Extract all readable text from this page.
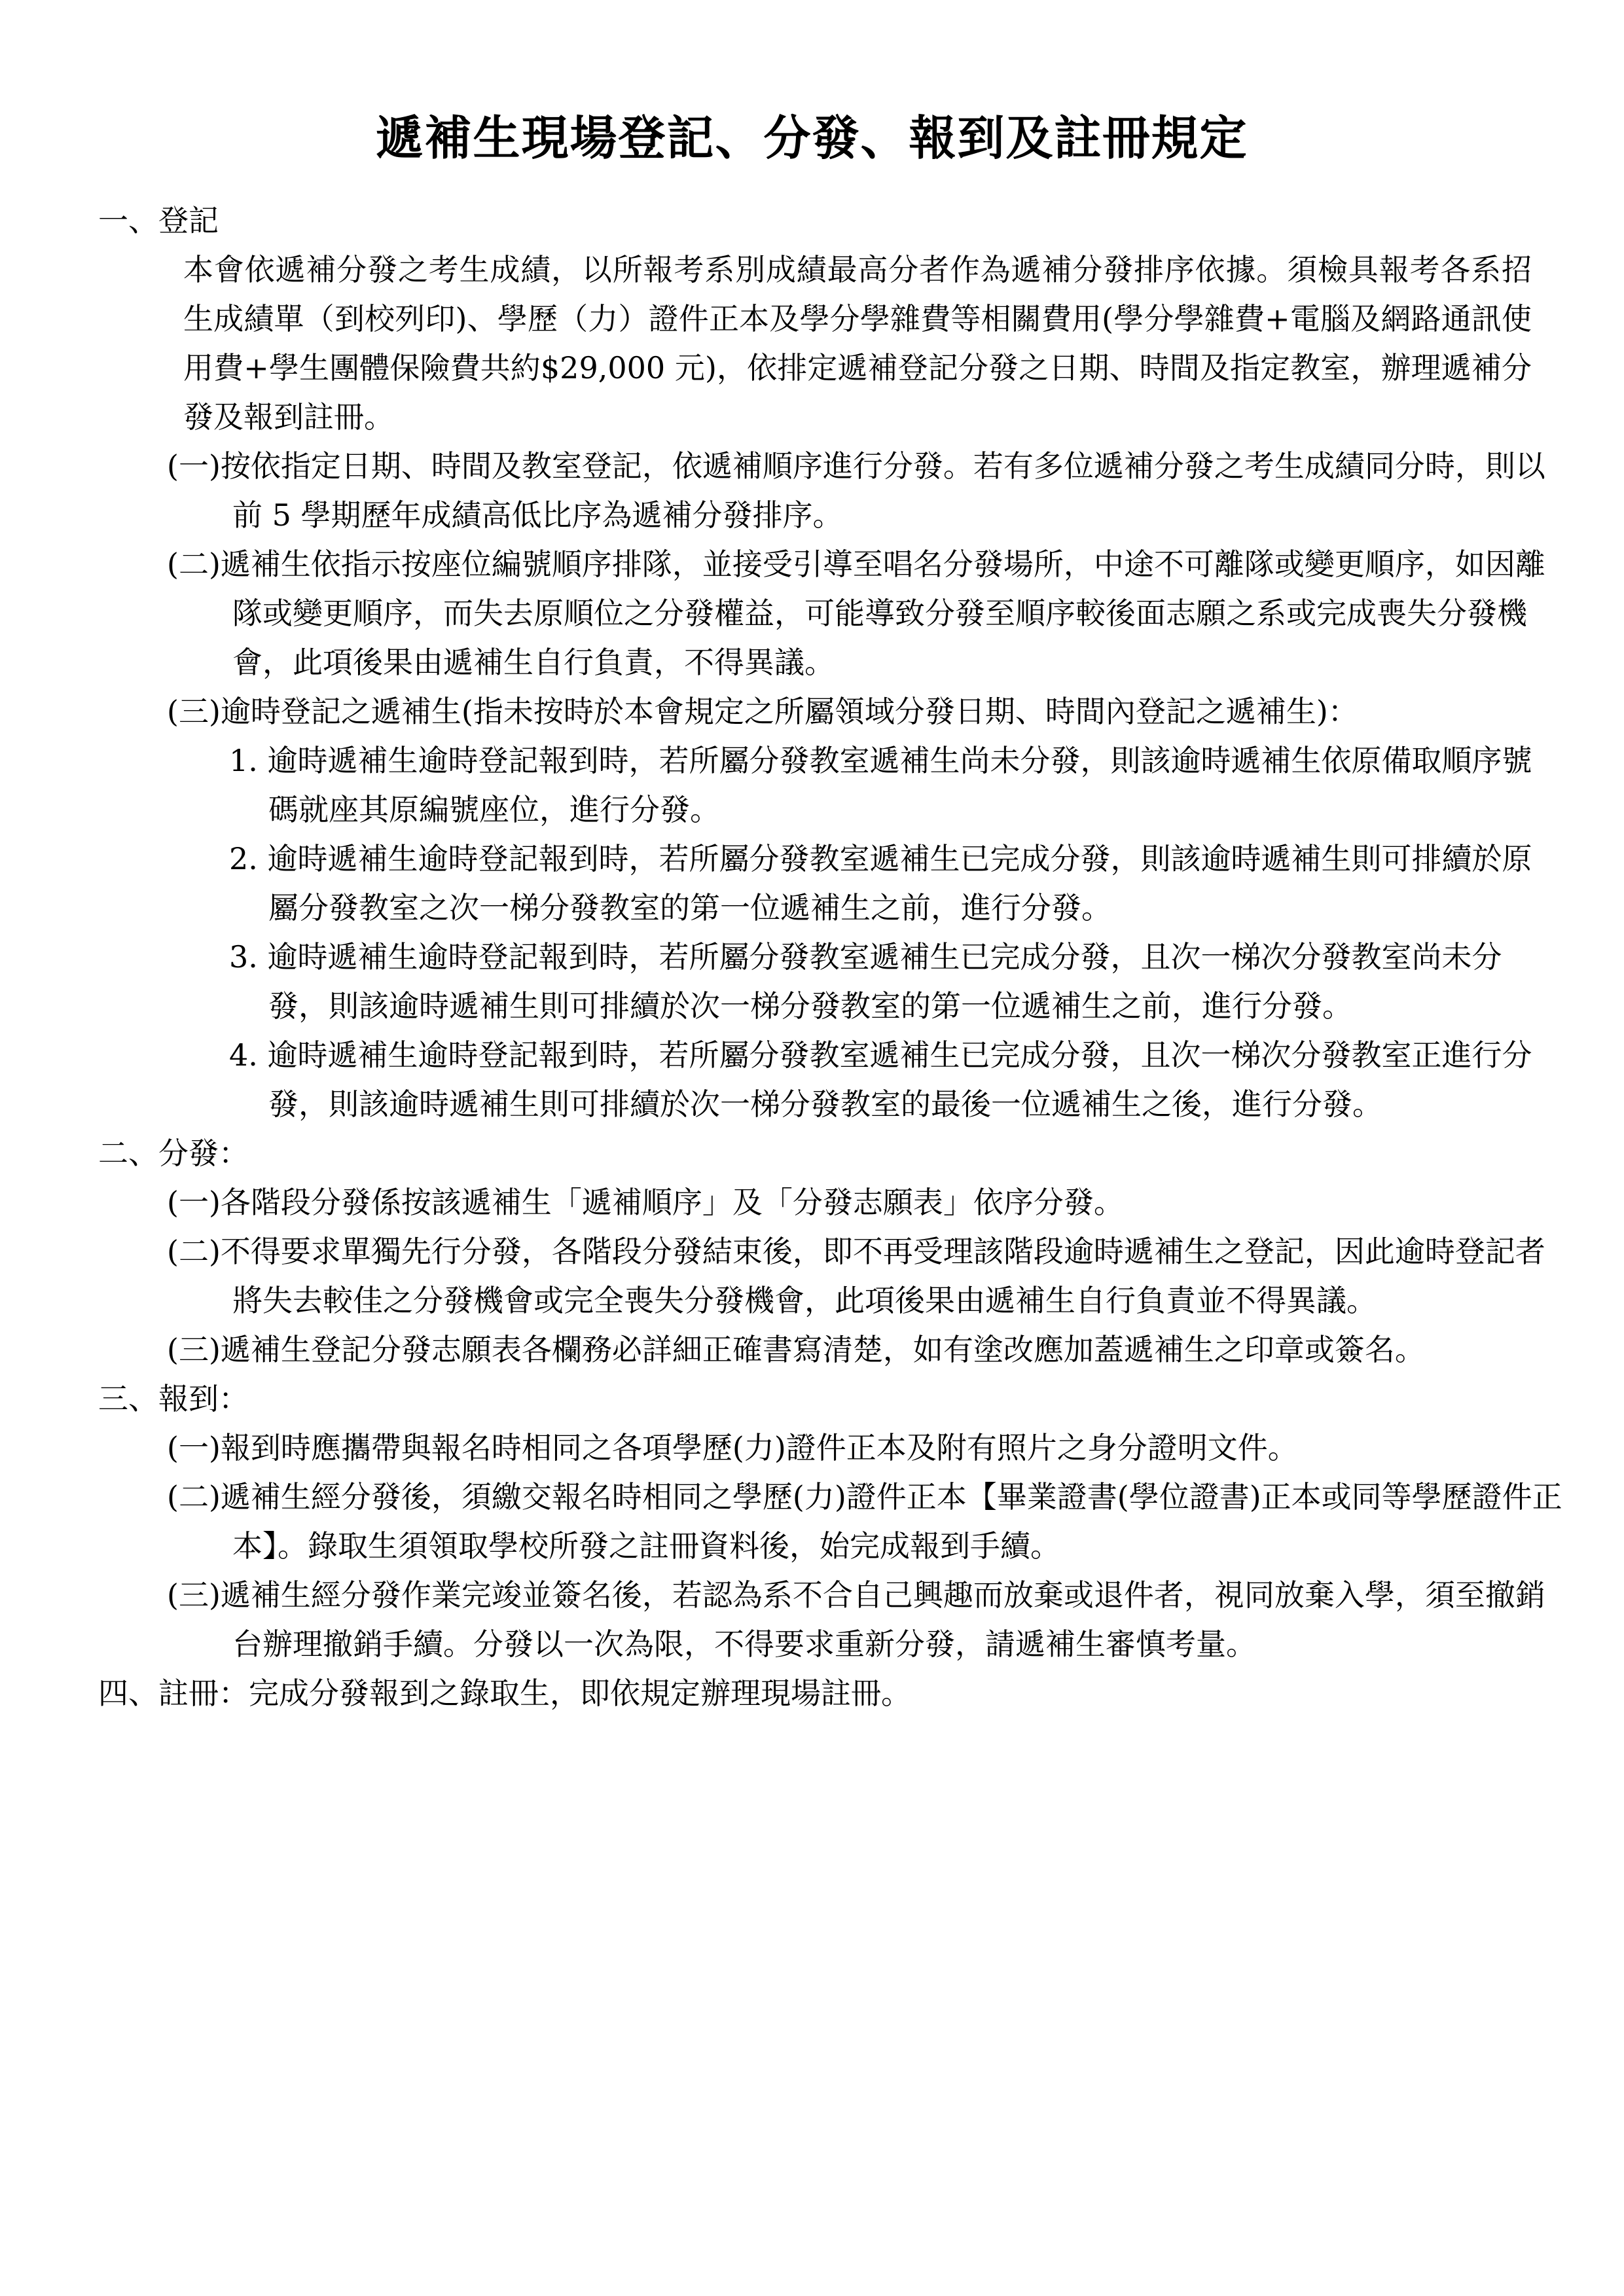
遞補生現場登記、分發、報到及註冊規定
一、登記
本會依遞補分發之考生成績，以所報考系別成績最高分者作為遞補分發排序依據。須檢具報考各系招生成績單（到校列印)、學歷（力）證件正本及學分學雜費等相關費用(學分學雜費+電腦及網路通訊使用費+學生團體保險費共約$29,000 元)，依排定遞補登記分發之日期、時間及指定教室，辦理遞補分發及報到註冊。
(一)按依指定日期、時間及教室登記，依遞補順序進行分發。若有多位遞補分發之考生成績同分時，則以前 5 學期歷年成績高低比序為遞補分發排序。
(二)遞補生依指示按座位編號順序排隊，並接受引導至唱名分發場所，中途不可離隊或變更順序，如因離隊或變更順序，而失去原順位之分發權益，可能導致分發至順序較後面志願之系或完成喪失分發機會，此項後果由遞補生自行負責，不得異議。
(三)逾時登記之遞補生(指未按時於本會規定之所屬領域分發日期、時間內登記之遞補生)：
1. 逾時遞補生逾時登記報到時，若所屬分發教室遞補生尚未分發，則該逾時遞補生依原備取順序號碼就座其原編號座位，進行分發。
2. 逾時遞補生逾時登記報到時，若所屬分發教室遞補生已完成分發，則該逾時遞補生則可排續於原屬分發教室之次一梯分發教室的第一位遞補生之前，進行分發。
3. 逾時遞補生逾時登記報到時，若所屬分發教室遞補生已完成分發，且次一梯次分發教室尚未分發，則該逾時遞補生則可排續於次一梯分發教室的第一位遞補生之前，進行分發。
4. 逾時遞補生逾時登記報到時，若所屬分發教室遞補生已完成分發，且次一梯次分發教室正進行分發，則該逾時遞補生則可排續於次一梯分發教室的最後一位遞補生之後，進行分發。
二、分發：
(一)各階段分發係按該遞補生「遞補順序」及「分發志願表」依序分發。
(二)不得要求單獨先行分發，各階段分發結束後，即不再受理該階段逾時遞補生之登記，因此逾時登記者將失去較佳之分發機會或完全喪失分發機會，此項後果由遞補生自行負責並不得異議。
(三)遞補生登記分發志願表各欄務必詳細正確書寫清楚，如有塗改應加蓋遞補生之印章或簽名。
三、報到：
(一)報到時應攜帶與報名時相同之各項學歷(力)證件正本及附有照片之身分證明文件。
(二)遞補生經分發後，須繳交報名時相同之學歷(力)證件正本【畢業證書(學位證書)正本或同等學歷證件正本】。錄取生須領取學校所發之註冊資料後，始完成報到手續。
(三)遞補生經分發作業完竣並簽名後，若認為系不合自己興趣而放棄或退件者，視同放棄入學，須至撤銷台辦理撤銷手續。分發以一次為限，不得要求重新分發，請遞補生審慎考量。
四、註冊：完成分發報到之錄取生，即依規定辦理現場註冊。
